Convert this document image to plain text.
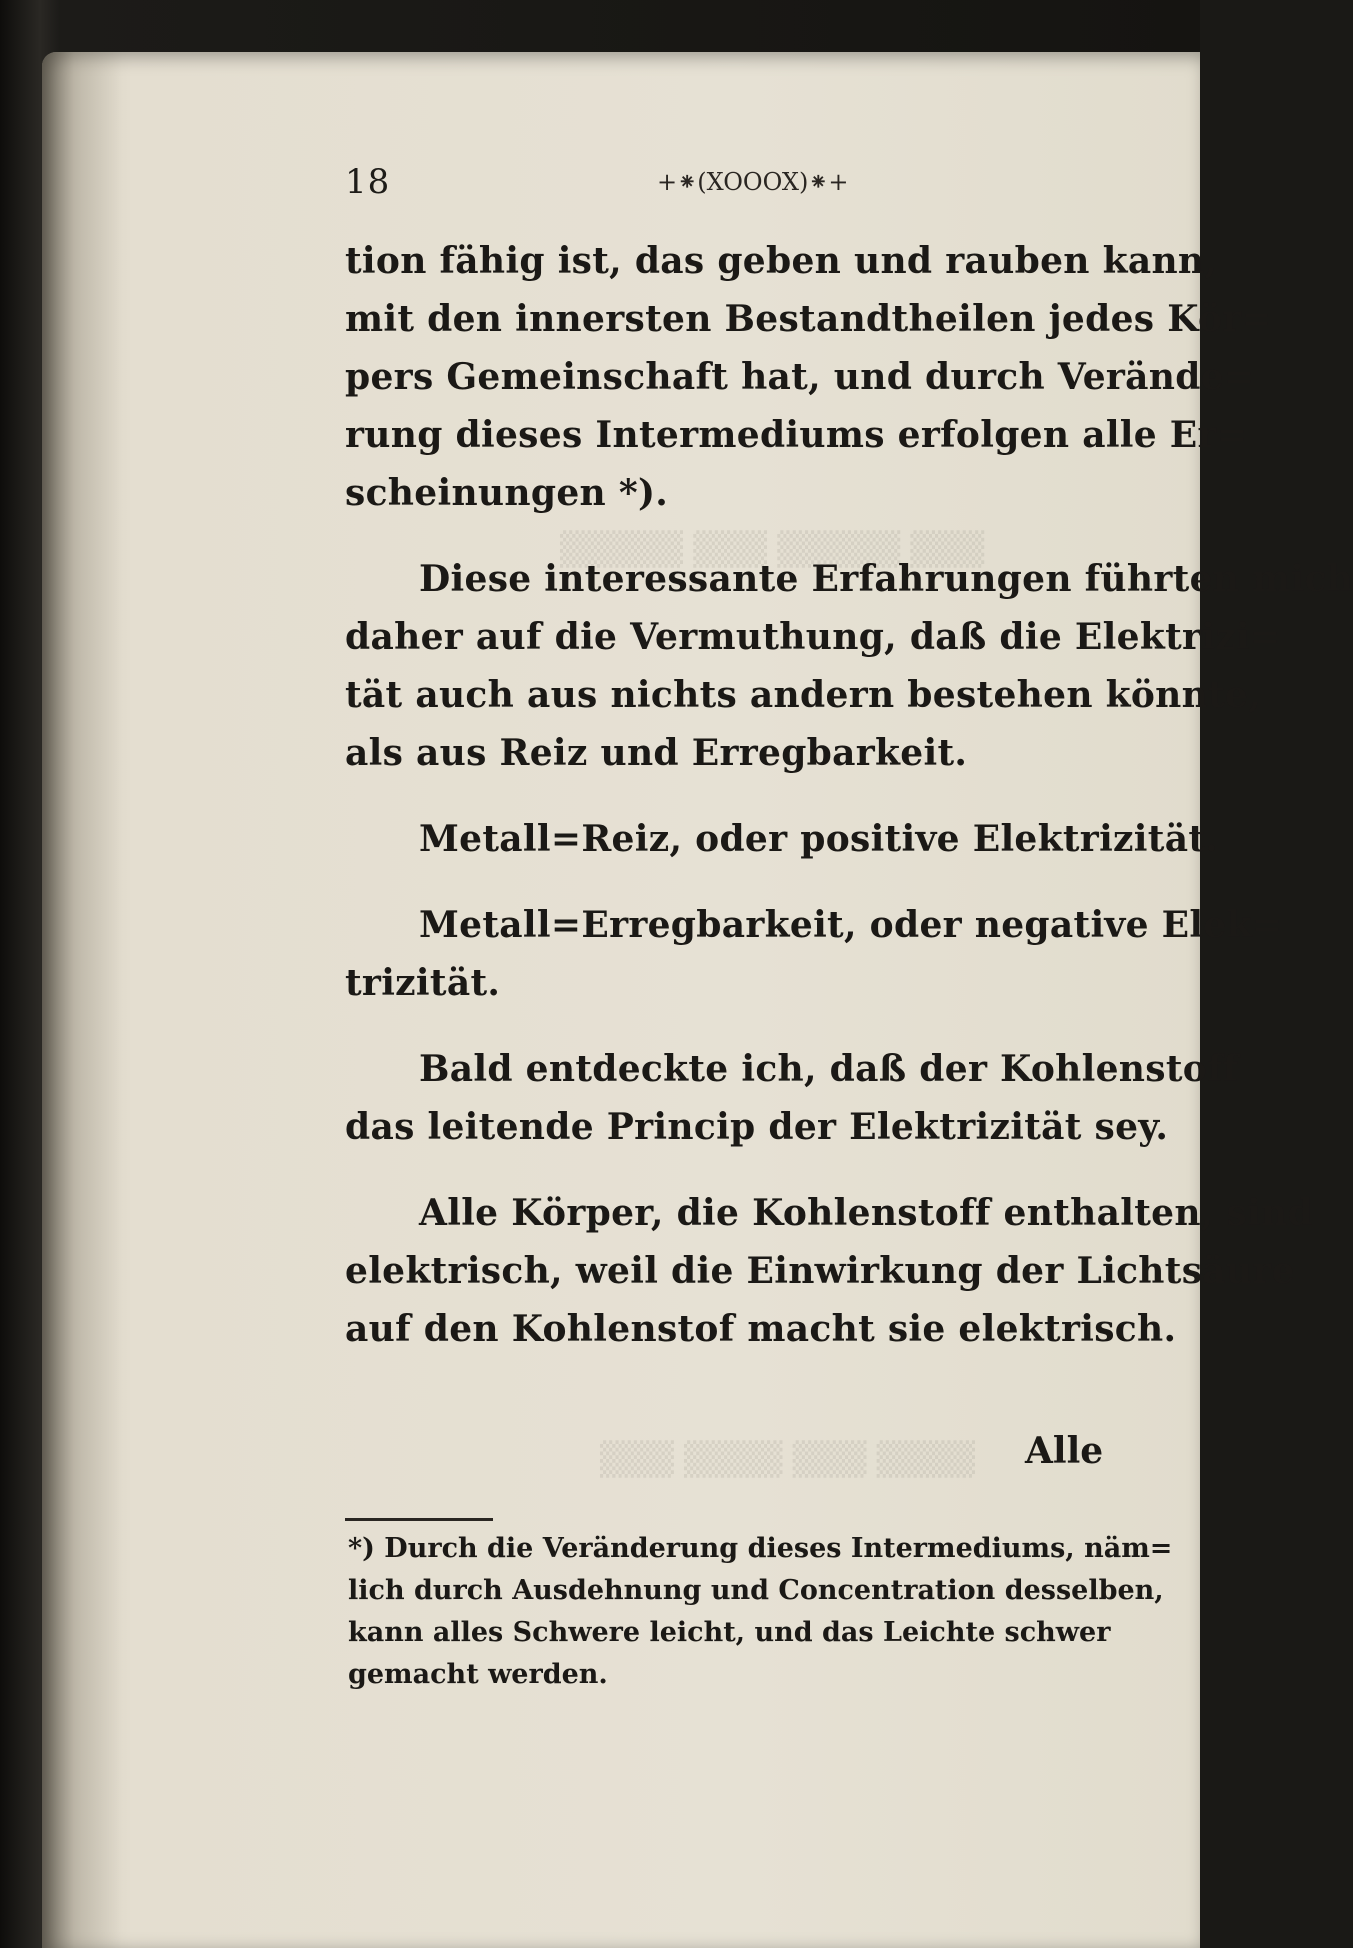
▒▒▒ ▒▒▒▒▒ ▒▒▒ ▒▒▒▒▒
▒▒▒▒ ▒▒▒ ▒▒▒▒ ▒▒▒
18	+⁕(XOOOX)⁕+
tion fähig ist, das geben und rauben kann,
mit den innersten Bestandtheilen jedes Kör=
pers Gemeinschaft hat, und durch Verände=
rung dieses Intermediums erfolgen alle Er=
scheinungen *).
Diese interessante Erfahrungen führten mich
daher auf die Vermuthung, daß die Elektrizi=
tät auch aus nichts andern bestehen könnte,
als aus Reiz und Erregbarkeit.
Metall=Reiz, oder positive Elektrizität.
Metall=Erregbarkeit, oder negative Elek=
trizität.
Bald entdeckte ich, daß der Kohlenstoff
das leitende Princip der Elektrizität sey.
Alle Körper, die Kohlenstoff enthalten, sind
elektrisch, weil die Einwirkung der Lichtsäure
auf den Kohlenstof macht sie elektrisch.
Alle
*) Durch die Veränderung dieses Intermediums, näm=
lich durch Ausdehnung und Concentration desselben,
kann alles Schwere leicht, und das Leichte schwer
gemacht werden.
